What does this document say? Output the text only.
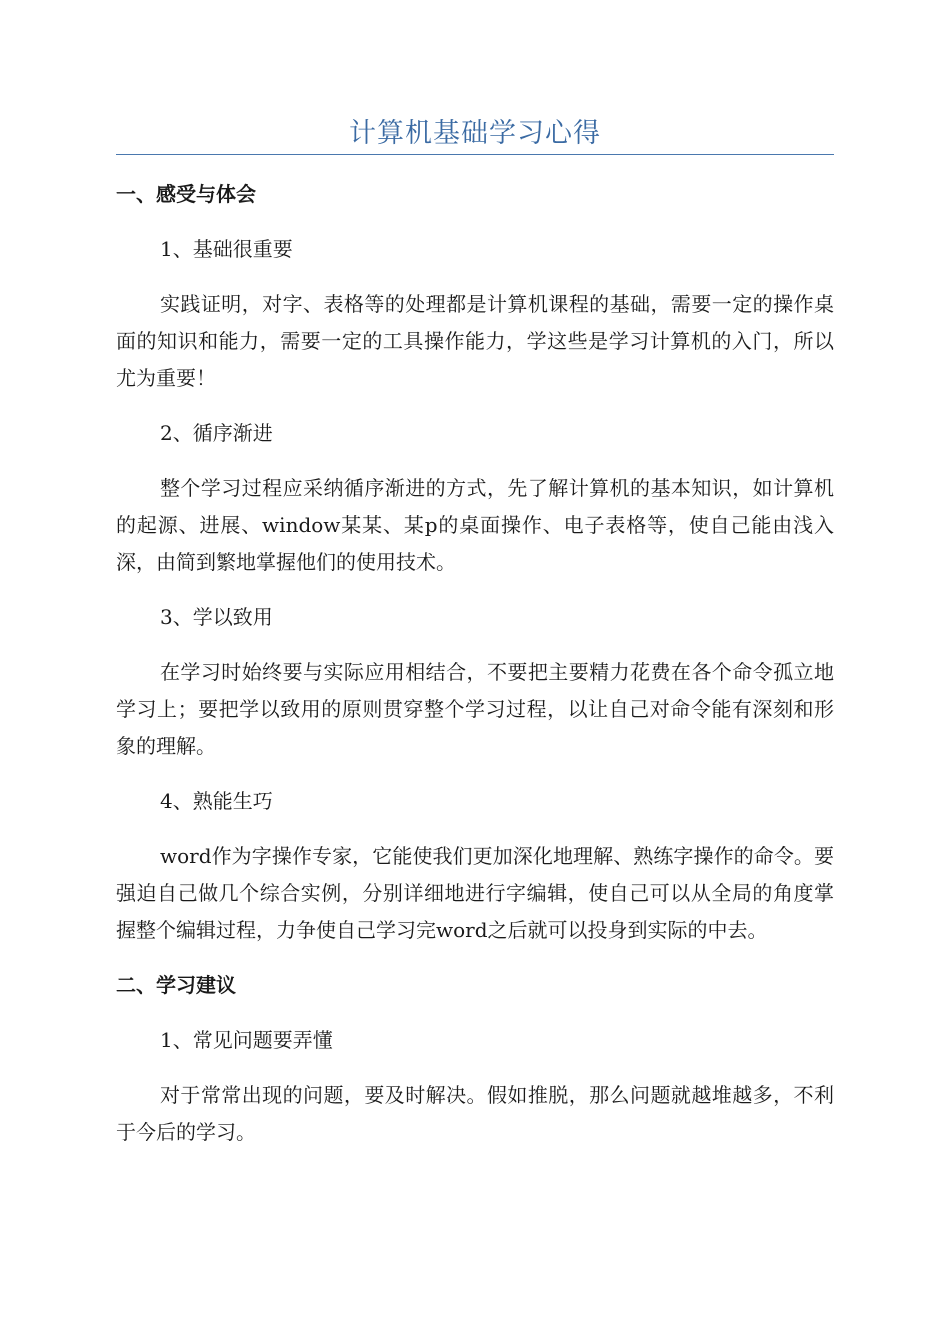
计算机基础学习心得
一、感受与体会
1、基础很重要

实践证明，对字、表格等的处理都是计算机课程的基础，需要一定的操作桌面的知识和能力，需要一定的工具操作能力，学这些是学习计算机的入门，所以尤为重要！

2、循序渐进

整个学习过程应采纳循序渐进的方式，先了解计算机的基本知识，如计算机的起源、进展、window某某、某p的桌面操作、电子表格等，使自己能由浅入深，由简到繁地掌握他们的使用技术。

3、学以致用

在学习时始终要与实际应用相结合，不要把主要精力花费在各个命令孤立地学习上；要把学以致用的原则贯穿整个学习过程，以让自己对命令能有深刻和形象的理解。

4、熟能生巧

word作为字操作专家，它能使我们更加深化地理解、熟练字操作的命令。要强迫自己做几个综合实例，分别详细地进行字编辑，使自己可以从全局的角度掌握整个编辑过程，力争使自己学习完word之后就可以投身到实际的中去。

二、学习建议
1、常见问题要弄懂

对于常常出现的问题，要及时解决。假如推脱，那么问题就越堆越多，不利于今后的学习。
